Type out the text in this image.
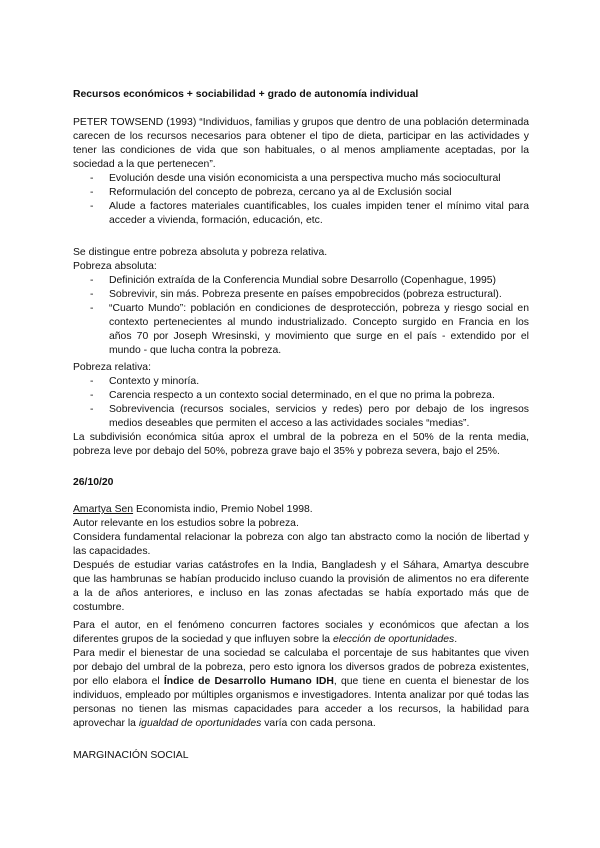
Recursos económicos + sociabilidad + grado de autonomía individual

PETER TOWSEND (1993) “Individuos, familias y grupos que dentro de una población determinada carecen de los recursos necesarios para obtener el tipo de dieta, participar en las actividades y tener las condiciones de vida que son habituales, o al menos ampliamente aceptadas, por la sociedad a la que pertenecen”.

- Evolución desde una visión economicista a una perspectiva mucho más sociocultural
- Reformulación del concepto de pobreza, cercano ya al de Exclusión social
- Alude a factores materiales cuantificables, los cuales impiden tener el mínimo vital para acceder a vivienda, formación, educación, etc.

Se distingue entre pobreza absoluta y pobreza relativa.

Pobreza absoluta:

- Definición extraída de la Conferencia Mundial sobre Desarrollo (Copenhague, 1995)
- Sobrevivir, sin más. Pobreza presente en países empobrecidos (pobreza estructural).
- “Cuarto Mundo”: población en condiciones de desprotección, pobreza y riesgo social en contexto pertenecientes al mundo industrializado. Concepto surgido en Francia en los años 70 por Joseph Wresinski, y movimiento que surge en el país - extendido por el mundo - que lucha contra la pobreza.

Pobreza relativa:

- Contexto y minoría.
- Carencia respecto a un contexto social determinado, en el que no prima la pobreza.
- Sobrevivencia (recursos sociales, servicios y redes) pero por debajo de los ingresos medios deseables que permiten el acceso a las actividades sociales “medias”.

La subdivisión económica sitúa aprox el umbral de la pobreza en el 50% de la renta media, pobreza leve por debajo del 50%, pobreza grave bajo el 35% y pobreza severa, bajo el 25%.

26/10/20

Amartya Sen Economista indio, Premio Nobel 1998.

Autor relevante en los estudios sobre la pobreza.

Considera fundamental relacionar la pobreza con algo tan abstracto como la noción de libertad y las capacidades.

Después de estudiar varias catástrofes en la India, Bangladesh y el Sáhara, Amartya descubre que las hambrunas se habían producido incluso cuando la provisión de alimentos no era diferente a la de años anteriores, e incluso en las zonas afectadas se había exportado más que de costumbre.

Para el autor, en el fenómeno concurren factores sociales y económicos que afectan a los diferentes grupos de la sociedad y que influyen sobre la elección de oportunidades.

Para medir el bienestar de una sociedad se calculaba el porcentaje de sus habitantes que viven por debajo del umbral de la pobreza, pero esto ignora los diversos grados de pobreza existentes, por ello elabora el Índice de Desarrollo Humano IDH, que tiene en cuenta el bienestar de los individuos, empleado por múltiples organismos e investigadores. Intenta analizar por qué todas las personas no tienen las mismas capacidades para acceder a los recursos, la habilidad para aprovechar la igualdad de oportunidades varía con cada persona.

MARGINACIÓN SOCIAL
